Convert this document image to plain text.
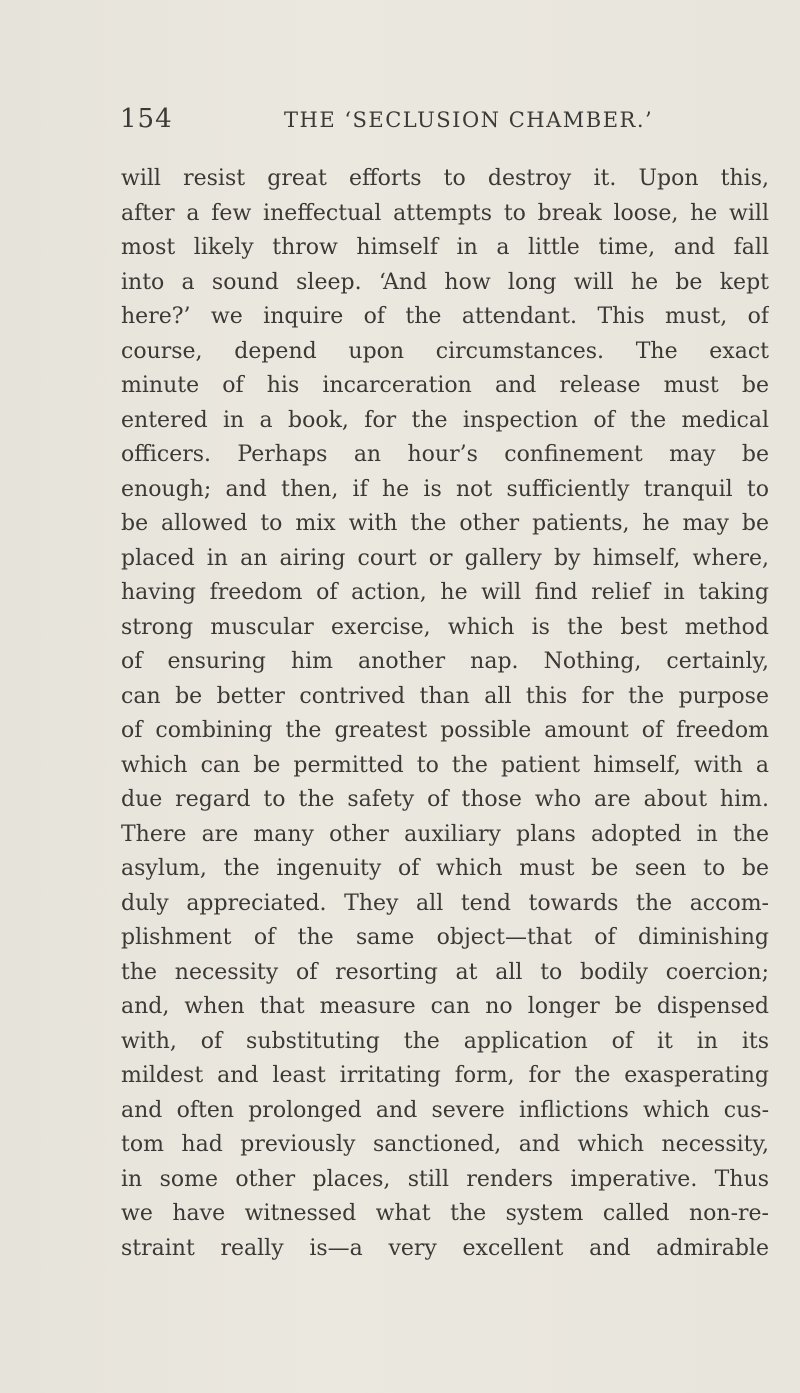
154	THE ‘SECLUSION CHAMBER.’
will resist great efforts to destroy it. Upon this,
after a few ineffectual attempts to break loose, he will
most likely throw himself in a little time, and fall
into a sound sleep. ‘And how long will he be kept
here?’ we inquire of the attendant. This must, of
course, depend upon circumstances. The exact
minute of his incarceration and release must be
entered in a book, for the inspection of the medical
officers. Perhaps an hour’s confinement may be
enough; and then, if he is not sufficiently tranquil to
be allowed to mix with the other patients, he may be
placed in an airing court or gallery by himself, where,
having freedom of action, he will find relief in taking
strong muscular exercise, which is the best method
of ensuring him another nap. Nothing, certainly,
can be better contrived than all this for the purpose
of combining the greatest possible amount of freedom
which can be permitted to the patient himself, with a
due regard to the safety of those who are about him.
There are many other auxiliary plans adopted in the
asylum, the ingenuity of which must be seen to be
duly appreciated. They all tend towards the accom-
plishment of the same object—that of diminishing
the necessity of resorting at all to bodily coercion;
and, when that measure can no longer be dispensed
with, of substituting the application of it in its
mildest and least irritating form, for the exasperating
and often prolonged and severe inflictions which cus-
tom had previously sanctioned, and which necessity,
in some other places, still renders imperative. Thus
we have witnessed what the system called non-re-
straint really is—a very excellent and admirable
